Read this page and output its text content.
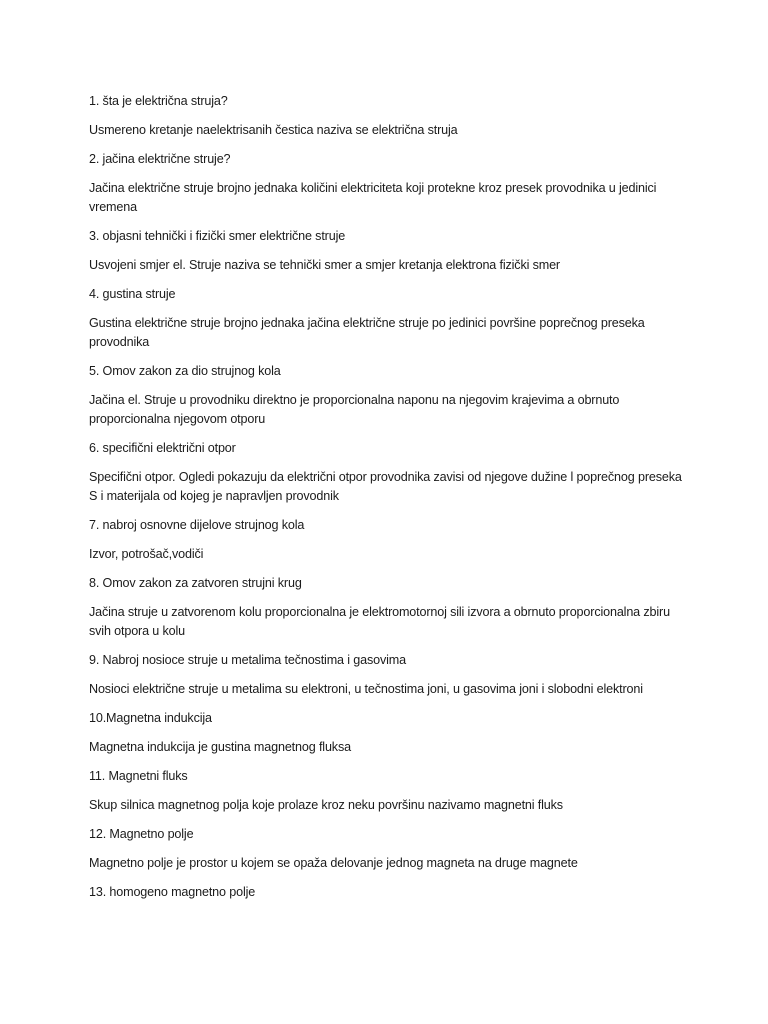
1. šta je električna struja?

Usmereno kretanje naelektrisanih čestica naziva se električna struja

2. jačina električne struje?

Jačina električne struje brojno jednaka količini elektriciteta koji protekne kroz presek provodnika u jedinici vremena

3. objasni tehnički i fizički smer električne struje

Usvojeni smjer el. Struje naziva se tehnički smer a smjer kretanja elektrona fizički smer

4. gustina struje

Gustina električne struje brojno jednaka jačina električne struje po jedinici površine poprečnog preseka provodnika

5. Omov zakon za dio strujnog kola

Jačina el. Struje u provodniku direktno je proporcionalna naponu na njegovim krajevima a obrnuto proporcionalna njegovom otporu

6. specifični električni otpor

Specifični otpor. Ogledi pokazuju da električni otpor provodnika zavisi od njegove dužine l poprečnog preseka S i materijala od kojeg je napravljen provodnik

7. nabroj osnovne dijelove strujnog kola

Izvor, potrošač,vodiči

8. Omov zakon za zatvoren strujni krug

Jačina struje u zatvorenom kolu proporcionalna je elektromotornoj sili izvora a obrnuto proporcionalna zbiru svih otpora u kolu

9. Nabroj nosioce struje u metalima tečnostima i gasovima

Nosioci električne struje u metalima su elektroni, u tečnostima joni, u gasovima joni i slobodni elektroni

10.Magnetna indukcija

Magnetna indukcija je gustina magnetnog fluksa

11. Magnetni fluks

Skup silnica magnetnog polja koje prolaze kroz neku površinu nazivamo magnetni fluks

12. Magnetno polje

Magnetno polje je prostor u kojem se opaža delovanje jednog magneta na druge magnete

13. homogeno magnetno polje
